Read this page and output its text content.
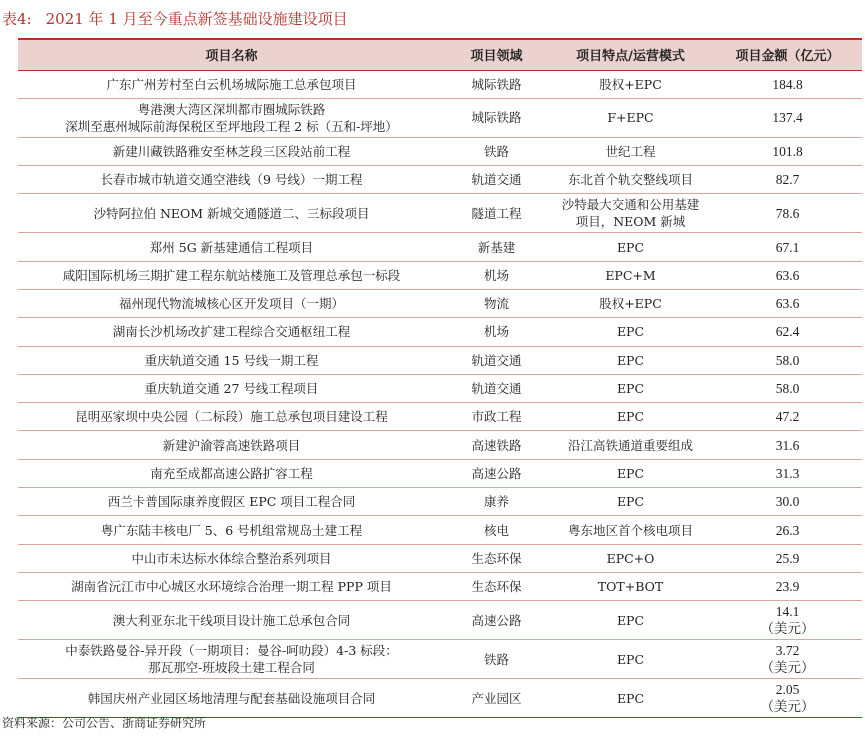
表4: 2021 年 1 月至今重点新签基础设施建设项目
项目名称	项目领域	项目特点/运营模式	项目金额（亿元）

广东广州芳村至白云机场城际施工总承包项目	城际铁路	股权+EPC	184.8

粤港澳大湾区深圳都市圈城际铁路
深圳至惠州城际前海保税区至坪地段工程 2 标（五和-坪地）	城际铁路	F+EPC	137.4

新建川藏铁路雅安至林芝段三区段站前工程	铁路	世纪工程	101.8

长春市城市轨道交通空港线（9 号线）一期工程	轨道交通	东北首个轨交整线项目	82.7

沙特阿拉伯 NEOM 新城交通隧道二、三标段项目	隧道工程	沙特最大交通和公用基建
项目，NEOM 新城	78.6

郑州 5G 新基建通信工程项目	新基建	EPC	67.1

咸阳国际机场三期扩建工程东航站楼施工及管理总承包一标段	机场	EPC+M	63.6

福州现代物流城核心区开发项目（一期）	物流	股权+EPC	63.6

湖南长沙机场改扩建工程综合交通枢纽工程	机场	EPC	62.4

重庆轨道交通 15 号线一期工程	轨道交通	EPC	58.0

重庆轨道交通 27 号线工程项目	轨道交通	EPC	58.0

昆明巫家坝中央公园（二标段）施工总承包项目建设工程	市政工程	EPC	47.2

新建沪渝蓉高速铁路项目	高速铁路	沿江高铁通道重要组成	31.6

南充至成都高速公路扩容工程	高速公路	EPC	31.3

西兰卡普国际康养度假区 EPC 项目工程合同	康养	EPC	30.0

粤广东陆丰核电厂 5、6 号机组常规岛土建工程	核电	粤东地区首个核电项目	26.3

中山市未达标水体综合整治系列项目	生态环保	EPC+O	25.9

湖南省沅江市中心城区水环境综合治理一期工程 PPP 项目	生态环保	TOT+BOT	23.9

澳大利亚东北干线项目设计施工总承包合同	高速公路	EPC	14.1
（美元）

中泰铁路曼谷-异开段（一期项目：曼谷-呵叻段）4-3 标段：
那瓦那空-班坡段土建工程合同	铁路	EPC	3.72
（美元）

韩国庆州产业园区场地清理与配套基础设施项目合同	产业园区	EPC	2.05
（美元）
资料来源：公司公告、浙商证券研究所
